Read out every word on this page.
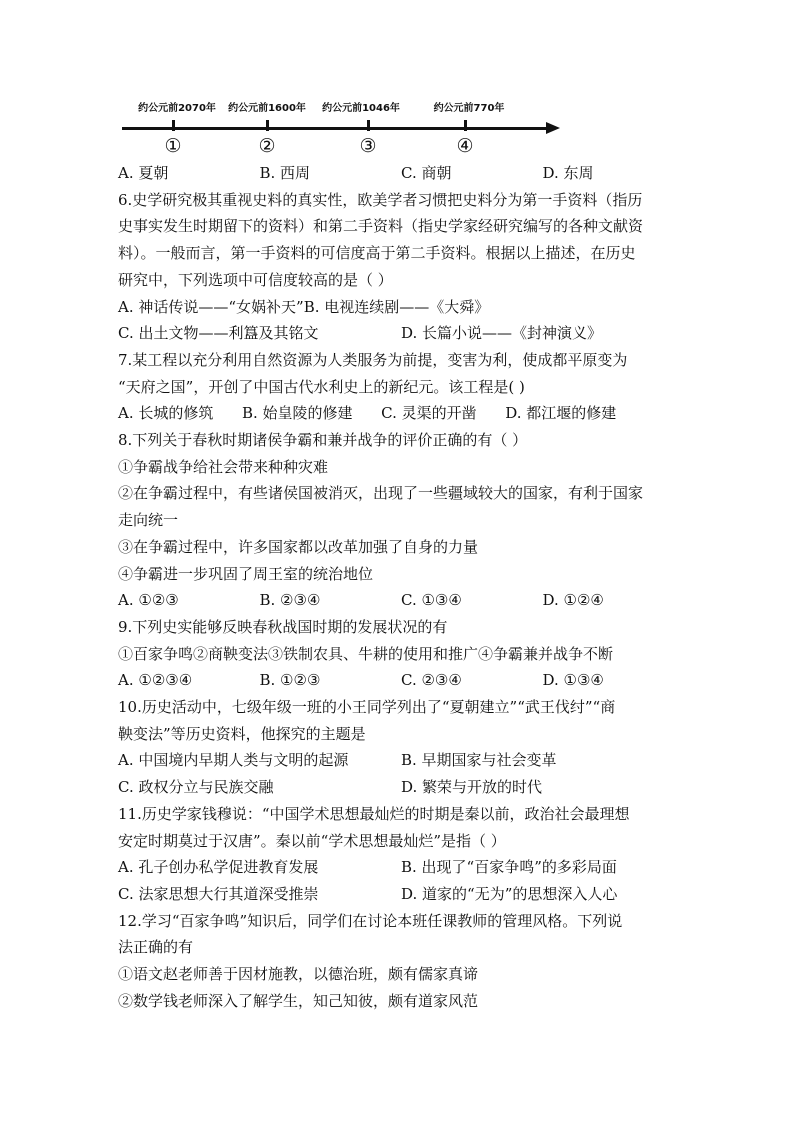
约公元前2070年 约公元前1600年 约公元前1046年	约公元前770年
①	②	③	④
A. 夏朝	B. 西周	C. 商朝	D. 东周
6.史学研究极其重视史料的真实性，欧美学者习惯把史料分为第一手资料（指历
史事实发生时期留下的资料）和第二手资料（指史学家经研究编写的各种文献资
料）。一般而言，第一手资料的可信度高于第二手资料。根据以上描述，在历史
研究中，下列选项中可信度较高的是（ ）
A. 神话传说——“女娲补天”B. 电视连续剧——《大舜》
C. 出土文物——利簋及其铭文	D. 长篇小说——《封神演义》
7.某工程以充分利用自然资源为人类服务为前提，变害为利，使成都平原变为
“天府之国”，开创了中国古代水利史上的新纪元。该工程是( )
A. 长城的修筑 B. 始皇陵的修建 C. 灵渠的开凿 D. 都江堰的修建
8.下列关于春秋时期诸侯争霸和兼并战争的评价正确的有（ ）
①争霸战争给社会带来种种灾难
②在争霸过程中，有些诸侯国被消灭，出现了一些疆域较大的国家，有利于国家
走向统一
③在争霸过程中，许多国家都以改革加强了自身的力量
④争霸进一步巩固了周王室的统治地位
A. ①②③	B. ②③④	C. ①③④	D. ①②④
9.下列史实能够反映春秋战国时期的发展状况的有
①百家争鸣②商鞅变法③铁制农具、牛耕的使用和推广④争霸兼并战争不断
A. ①②③④	B. ①②③	C. ②③④	D. ①③④
10.历史活动中，七级年级一班的小王同学列出了“夏朝建立”“武王伐纣”“商
鞅变法”等历史资料，他探究的主题是
A. 中国境内早期人类与文明的起源	B. 早期国家与社会变革
C. 政权分立与民族交融	D. 繁荣与开放的时代
11.历史学家钱穆说：“中国学术思想最灿烂的时期是秦以前，政治社会最理想
安定时期莫过于汉唐”。秦以前“学术思想最灿烂”是指（ ）
A. 孔子创办私学促进教育发展	B. 出现了“百家争鸣”的多彩局面
C. 法家思想大行其道深受推崇	D. 道家的“无为”的思想深入人心
12.学习“百家争鸣”知识后，同学们在讨论本班任课教师的管理风格。下列说
法正确的有
①语文赵老师善于因材施教，以德治班，颇有儒家真谛
②数学钱老师深入了解学生，知己知彼，颇有道家风范
